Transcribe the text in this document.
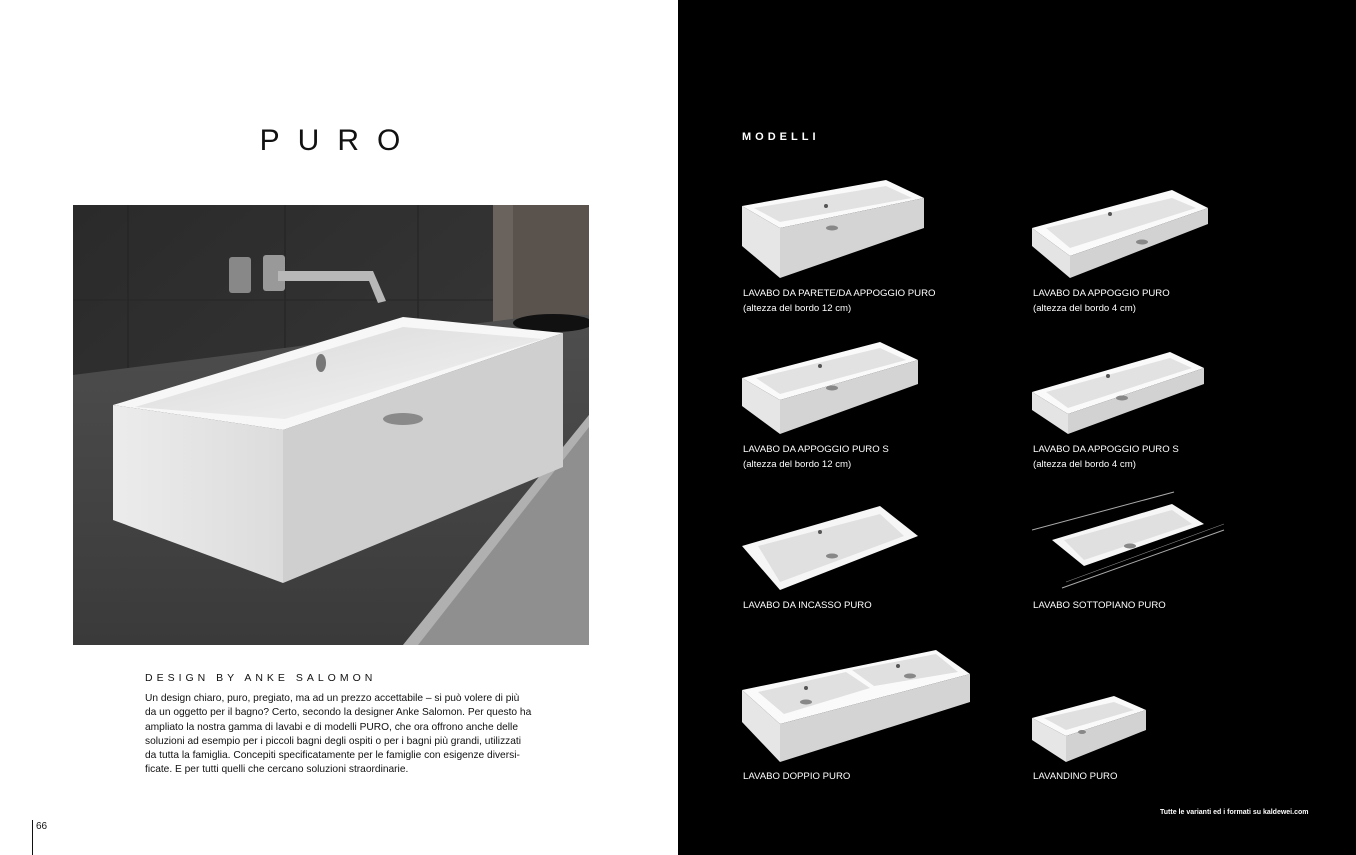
PURO
DESIGN BY ANKE SALOMON
Un design chiaro, puro, pregiato, ma ad un prezzo accettabile – si può volere di più
da un oggetto per il bagno? Certo, secondo la designer Anke Salomon. Per questo ha
ampliato la nostra gamma di lavabi e di modelli PURO, che ora offrono anche delle
soluzioni ad esempio per i piccoli bagni degli ospiti o per i bagni più grandi, utilizzati
da tutta la famiglia. Concepiti specificatamente per le famiglie con esigenze diversi-
ficate. E per tutti quelli che cercano soluzioni straordinarie.
66
MODELLI
LAVABO DA PARETE/DA APPOGGIO PURO
(altezza del bordo 12 cm)
LAVABO DA APPOGGIO PURO
(altezza del bordo 4 cm)
LAVABO DA APPOGGIO PURO S
(altezza del bordo 12 cm)
LAVABO DA APPOGGIO PURO S
(altezza del bordo 4 cm)
LAVABO DA INCASSO PURO	LAVABO SOTTOPIANO PURO
LAVABO DOPPIO PURO	LAVANDINO PURO
Tutte le varianti ed i formati su kaldewei.com
